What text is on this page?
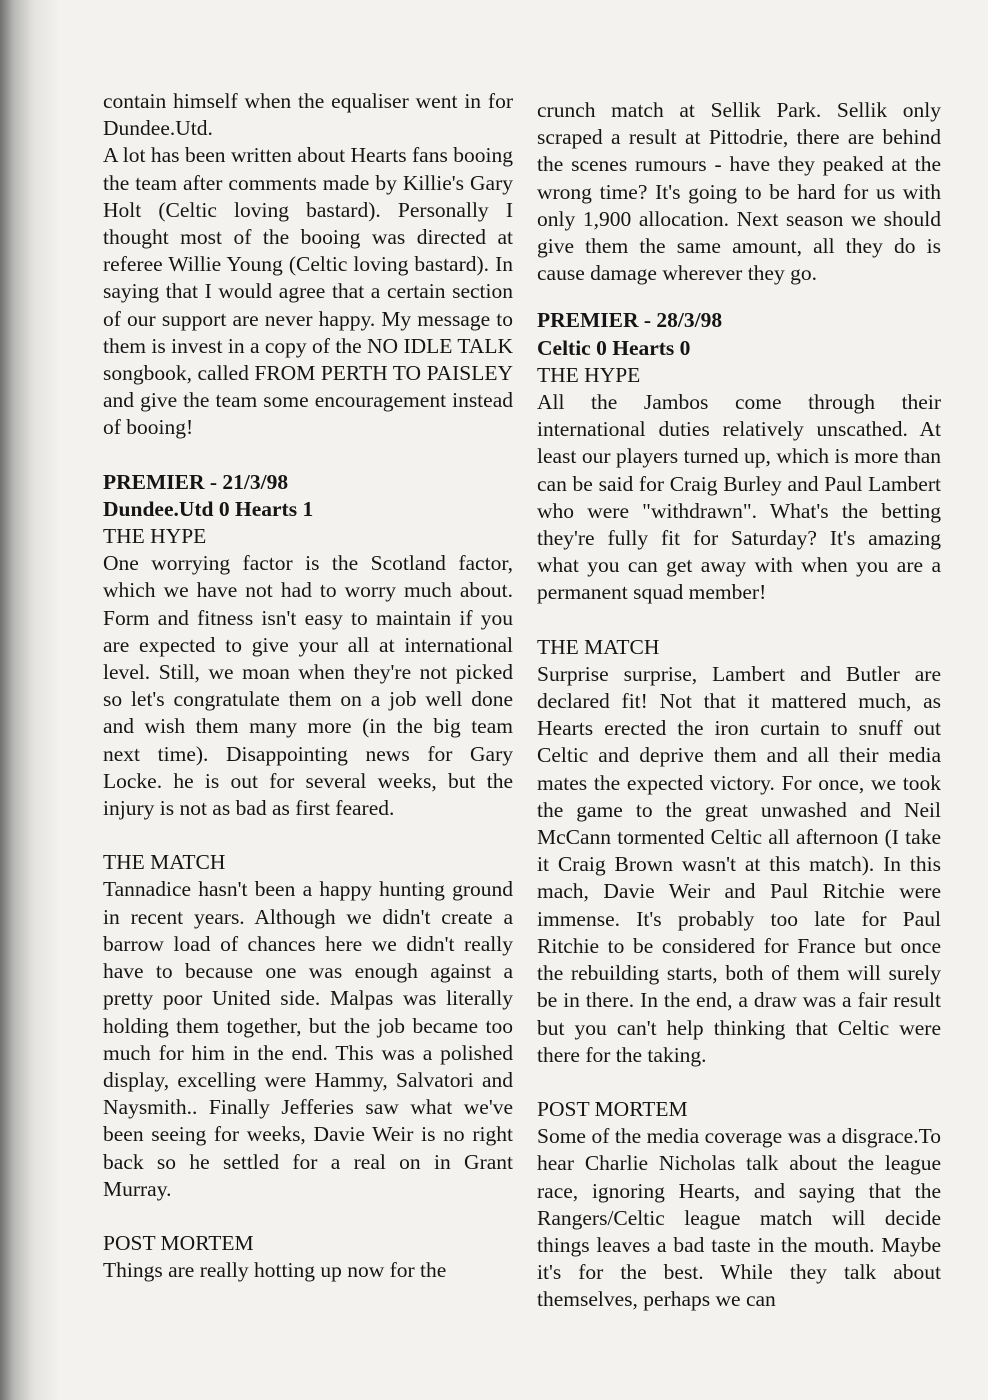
contain himself when the equaliser went in for Dundee.Utd.

A lot has been written about Hearts fans booing the team after comments made by Killie's Gary Holt (Celtic loving bastard). Personally I thought most of the booing was directed at referee Willie Young (Celtic loving bastard). In saying that I would agree that a certain section of our support are never happy. My message to them is invest in a copy of the NO IDLE TALK songbook, called FROM PERTH TO PAISLEY and give the team some encouragement instead of booing!

PREMIER - 21/3/98
Dundee.Utd 0 Hearts 1
THE HYPE

One worrying factor is the Scotland factor, which we have not had to worry much about. Form and fitness isn't easy to maintain if you are expected to give your all at international level. Still, we moan when they're not picked so let's congratulate them on a job well done and wish them many more (in the big team next time). Disappointing news for Gary Locke. he is out for several weeks, but the injury is not as bad as first feared.

THE MATCH

Tannadice hasn't been a happy hunting ground in recent years. Although we didn't create a barrow load of chances here we didn't really have to because one was enough against a pretty poor United side. Malpas was literally holding them together, but the job became too much for him in the end. This was a polished display, excelling were Hammy, Salvatori and Naysmith.. Finally Jefferies saw what we've been seeing for weeks, Davie Weir is no right back so he settled for a real on in Grant Murray.

POST MORTEM

Things are really hotting up now for the

crunch match at Sellik Park. Sellik only scraped a result at Pittodrie, there are behind the scenes rumours - have they peaked at the wrong time? It's going to be hard for us with only 1,900 allocation. Next season we should give them the same amount, all they do is cause damage wherever they go.

PREMIER - 28/3/98
Celtic 0 Hearts 0
THE HYPE

All the Jambos come through their international duties relatively unscathed. At least our players turned up, which is more than can be said for Craig Burley and Paul Lambert who were "withdrawn". What's the betting they're fully fit for Saturday? It's amazing what you can get away with when you are a permanent squad member!

THE MATCH

Surprise surprise, Lambert and Butler are declared fit! Not that it mattered much, as Hearts erected the iron curtain to snuff out Celtic and deprive them and all their media mates the expected victory. For once, we took the game to the great unwashed and Neil McCann tormented Celtic all afternoon (I take it Craig Brown wasn't at this match). In this mach, Davie Weir and Paul Ritchie were immense. It's probably too late for Paul Ritchie to be considered for France but once the rebuilding starts, both of them will surely be in there. In the end, a draw was a fair result but you can't help thinking that Celtic were there for the taking.

POST MORTEM

Some of the media coverage was a disgrace.To hear Charlie Nicholas talk about the league race, ignoring Hearts, and saying that the Rangers/Celtic league match will decide things leaves a bad taste in the mouth. Maybe it's for the best. While they talk about themselves, perhaps we can
